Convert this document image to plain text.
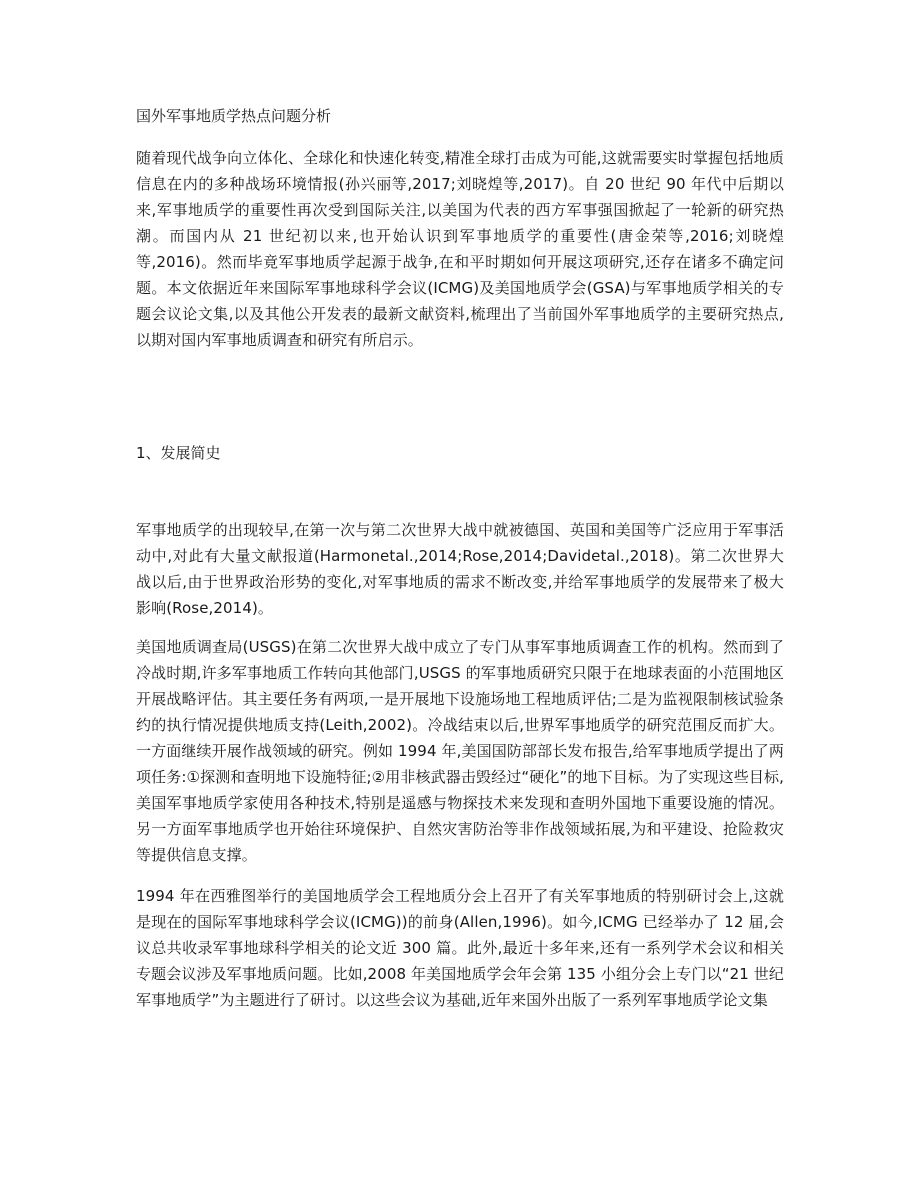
国外军事地质学热点问题分析

随着现代战争向立体化、全球化和快速化转变,精准全球打击成为可能,这就需要实时掌握包括地质信息在内的多种战场环境情报(孙兴丽等,2017;刘晓煌等,2017)。自 20 世纪 90 年代中后期以来,军事地质学的重要性再次受到国际关注,以美国为代表的西方军事强国掀起了一轮新的研究热潮。而国内从 21 世纪初以来,也开始认识到军事地质学的重要性(唐金荣等,2016;刘晓煌等,2016)。然而毕竟军事地质学起源于战争,在和平时期如何开展这项研究,还存在诸多不确定问题。本文依据近年来国际军事地球科学会议(ICMG)及美国地质学会(GSA)与军事地质学相关的专题会议论文集,以及其他公开发表的最新文献资料,梳理出了当前国外军事地质学的主要研究热点,以期对国内军事地质调查和研究有所启示。

1、发展简史

军事地质学的出现较早,在第一次与第二次世界大战中就被德国、英国和美国等广泛应用于军事活动中,对此有大量文献报道(Harmonetal.,2014;Rose,2014;Davidetal.,2018)。第二次世界大战以后,由于世界政治形势的变化,对军事地质的需求不断改变,并给军事地质学的发展带来了极大影响(Rose,2014)。

美国地质调查局(USGS)在第二次世界大战中成立了专门从事军事地质调查工作的机构。然而到了冷战时期,许多军事地质工作转向其他部门,USGS 的军事地质研究只限于在地球表面的小范围地区开展战略评估。其主要任务有两项,一是开展地下设施场地工程地质评估;二是为监视限制核试验条约的执行情况提供地质支持(Leith,2002)。冷战结束以后,世界军事地质学的研究范围反而扩大。一方面继续开展作战领域的研究。例如 1994 年,美国国防部部长发布报告,给军事地质学提出了两项任务:①探测和查明地下设施特征;②用非核武器击毁经过“硬化”的地下目标。为了实现这些目标,美国军事地质学家使用各种技术,特别是遥感与物探技术来发现和查明外国地下重要设施的情况。另一方面军事地质学也开始往环境保护、自然灾害防治等非作战领域拓展,为和平建设、抢险救灾等提供信息支撑。

1994 年在西雅图举行的美国地质学会工程地质分会上召开了有关军事地质的特别研讨会上,这就是现在的国际军事地球科学会议(ICMG))的前身(Allen,1996)。如今,ICMG 已经举办了 12 届,会议总共收录军事地球科学相关的论文近 300 篇。此外,最近十多年来,还有一系列学术会议和相关专题会议涉及军事地质问题。比如,2008 年美国地质学会年会第 135 小组分会上专门以“21 世纪军事地质学”为主题进行了研讨。以这些会议为基础,近年来国外出版了一系列军事地质学论文集
